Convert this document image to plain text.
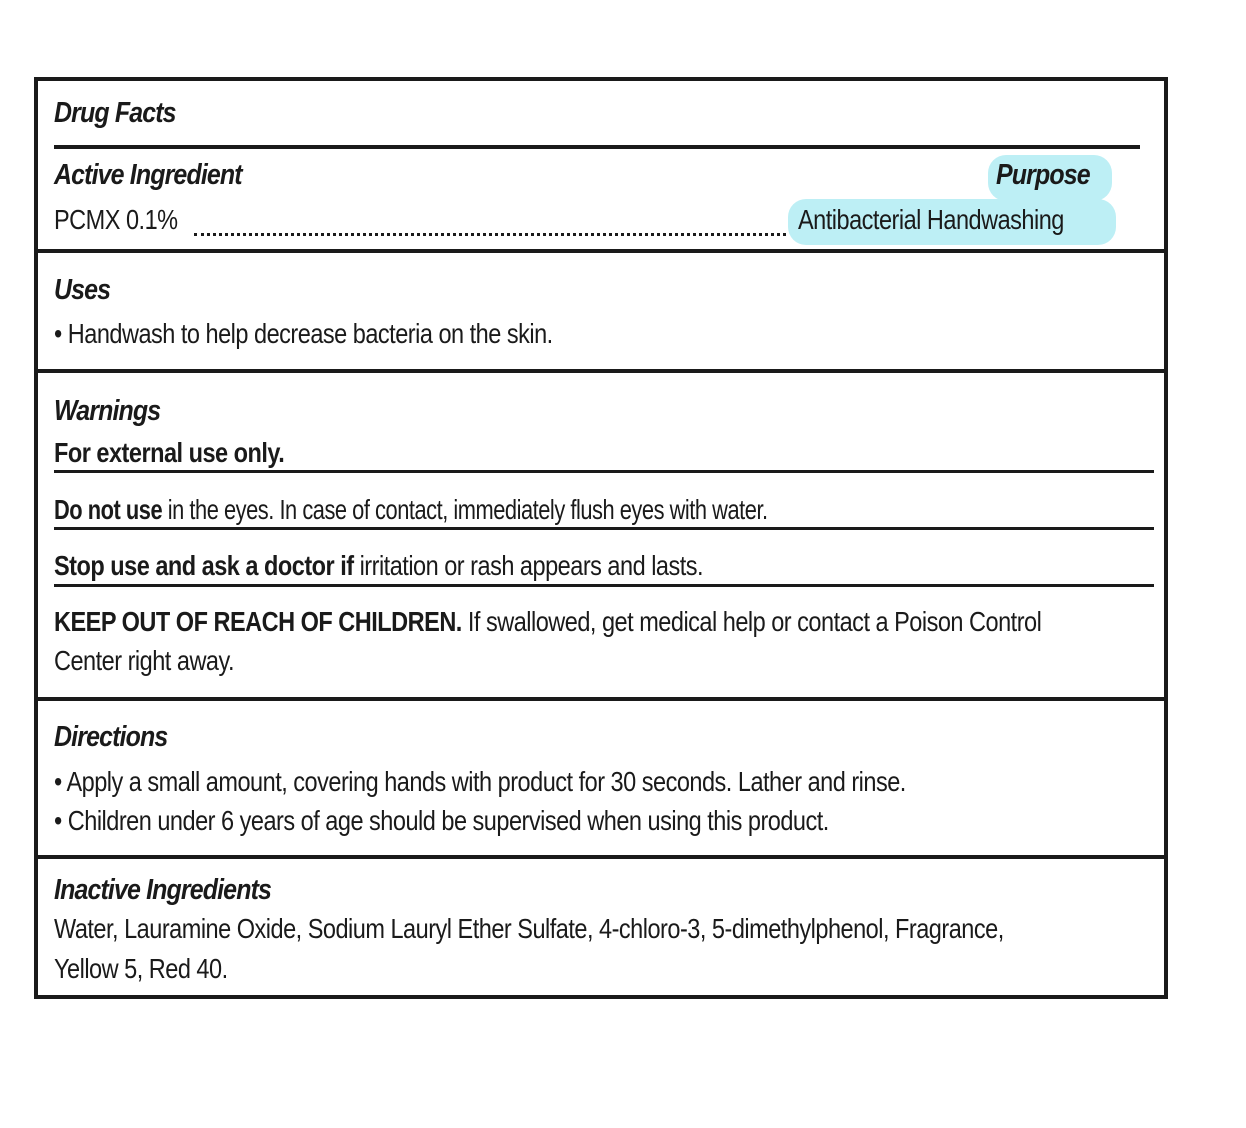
Drug Facts
Active Ingredient	Purpose
PCMX 0.1%	Antibacterial Handwashing
Uses
• Handwash to help decrease bacteria on the skin.
Warnings
For external use only.
Do not use in the eyes. In case of contact, immediately flush eyes with water.
Stop use and ask a doctor if irritation or rash appears and lasts.
KEEP OUT OF REACH OF CHILDREN. If swallowed, get medical help or contact a Poison Control
Center right away.
Directions
• Apply a small amount, covering hands with product for 30 seconds. Lather and rinse.
• Children under 6 years of age should be supervised when using this product.
Inactive Ingredients
Water, Lauramine Oxide, Sodium Lauryl Ether Sulfate, 4-chloro-3, 5-dimethylphenol, Fragrance,
Yellow 5, Red 40.
